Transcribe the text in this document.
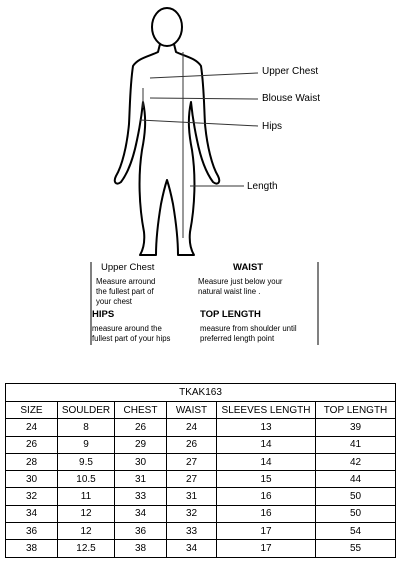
Upper Chest
Blouse Waist
Hips
Length
Upper Chest

Measure arround
the fullest part of
your chest

WAIST

Measure just below your
natural waist line .

HIPS

measure around the
fullest part of your hips

TOP LENGTH

measure from shoulder until
preferred length point

TKAK163					
SIZE	SOULDER	CHEST	WAIST	SLEEVES LENGTH	TOP LENGTH
24	8	26	24	13	39
26	9	29	26	14	41
28	9.5	30	27	14	42
30	10.5	31	27	15	44
32	11	33	31	16	50
34	12	34	32	16	50
36	12	36	33	17	54
38	12.5	38	34	17	55
